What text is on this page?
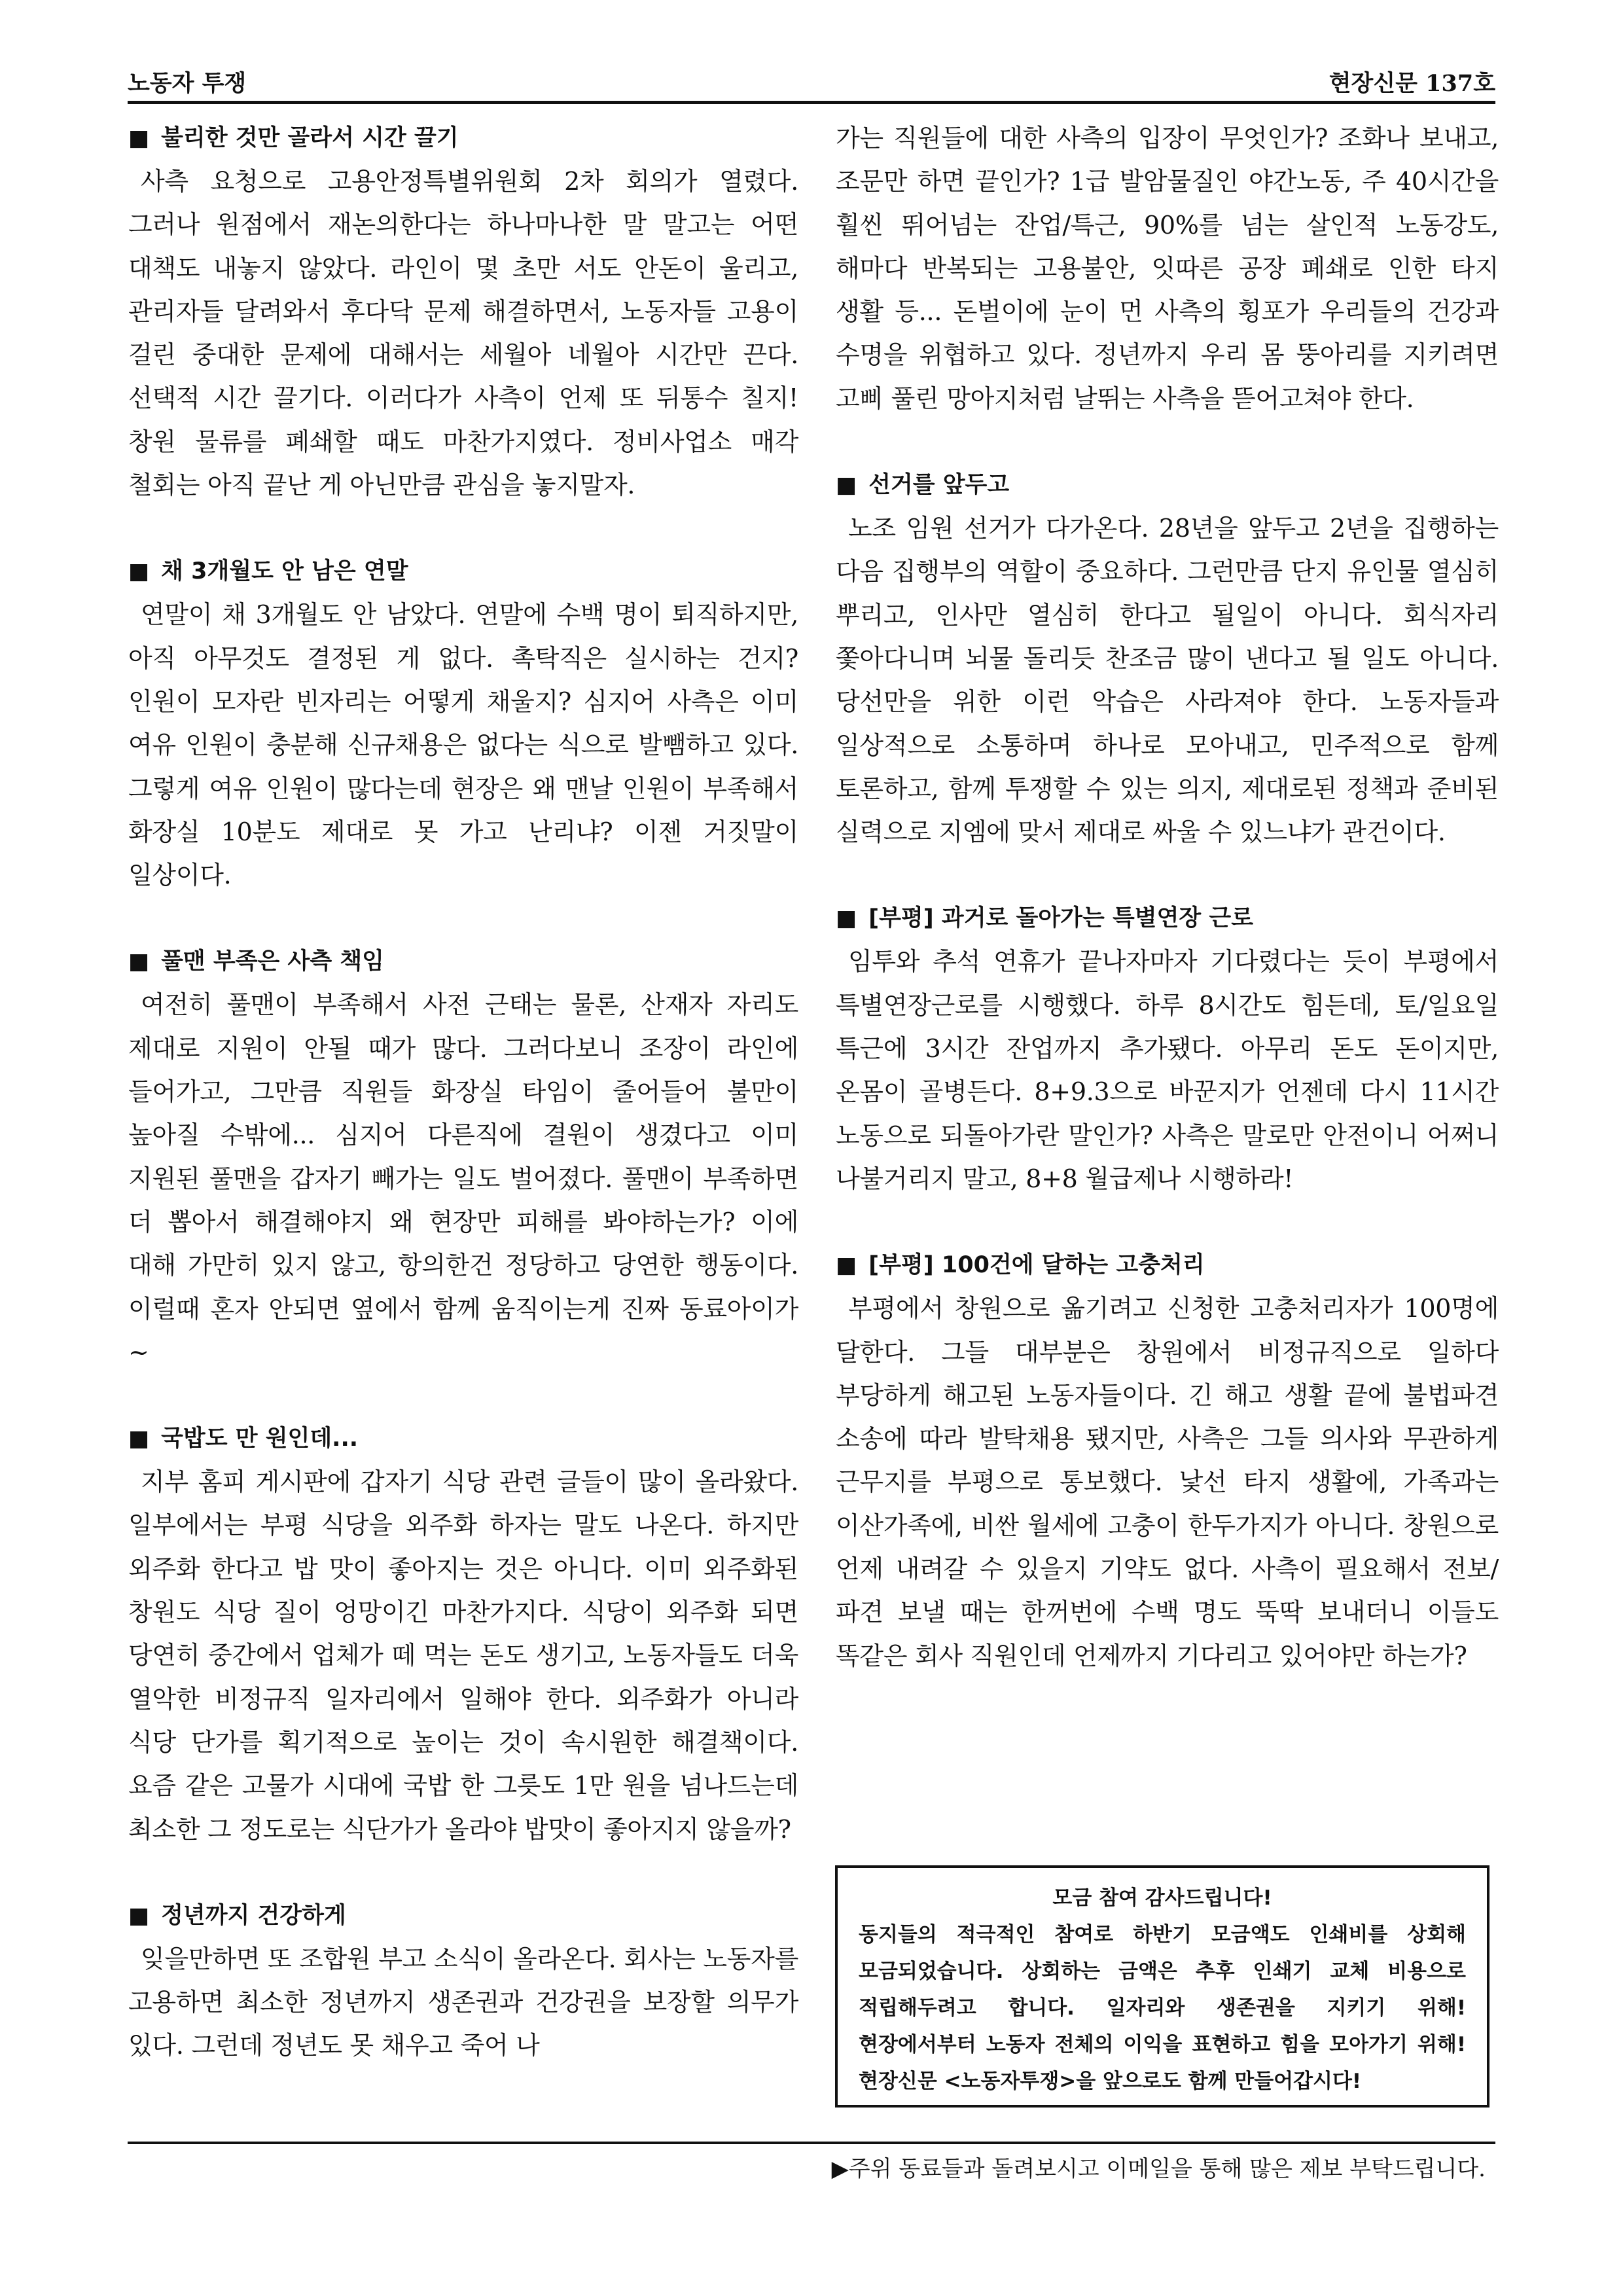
노동자 투쟁	현장신문 137호
■ 불리한 것만 골라서 시간 끌기
사측 요청으로 고용안정특별위원회 2차 회의가 열렸다. 그러나 원점에서 재논의한다는 하나마나한 말 말고는 어떤 대책도 내놓지 않았다. 라인이 몇 초만 서도 안돈이 울리고, 관리자들 달려와서 후다닥 문제 해결하면서, 노동자들 고용이 걸린 중대한 문제에 대해서는 세월아 네월아 시간만 끈다. 선택적 시간 끌기다. 이러다가 사측이 언제 또 뒤통수 칠지! 창원 물류를 폐쇄할 때도 마찬가지였다. 정비사업소 매각 철회는 아직 끝난 게 아닌만큼 관심을 놓지말자.
■ 채 3개월도 안 남은 연말
연말이 채 3개월도 안 남았다. 연말에 수백 명이 퇴직하지만, 아직 아무것도 결정된 게 없다. 촉탁직은 실시하는 건지? 인원이 모자란 빈자리는 어떻게 채울지? 심지어 사측은 이미 여유 인원이 충분해 신규채용은 없다는 식으로 발뺌하고 있다. 그렇게 여유 인원이 많다는데 현장은 왜 맨날 인원이 부족해서 화장실 10분도 제대로 못 가고 난리냐? 이젠 거짓말이 일상이다.
■ 풀맨 부족은 사측 책임
여전히 풀맨이 부족해서 사전 근태는 물론, 산재자 자리도 제대로 지원이 안될 때가 많다. 그러다보니 조장이 라인에 들어가고, 그만큼 직원들 화장실 타임이 줄어들어 불만이 높아질 수밖에... 심지어 다른직에 결원이 생겼다고 이미 지원된 풀맨을 갑자기 빼가는 일도 벌어졌다. 풀맨이 부족하면 더 뽑아서 해결해야지 왜 현장만 피해를 봐야하는가? 이에 대해 가만히 있지 않고, 항의한건 정당하고 당연한 행동이다. 이럴때 혼자 안되면 옆에서 함께 움직이는게 진짜 동료아이가~
■ 국밥도 만 원인데...
지부 홈피 게시판에 갑자기 식당 관련 글들이 많이 올라왔다. 일부에서는 부평 식당을 외주화 하자는 말도 나온다. 하지만 외주화 한다고 밥 맛이 좋아지는 것은 아니다. 이미 외주화된 창원도 식당 질이 엉망이긴 마찬가지다. 식당이 외주화 되면 당연히 중간에서 업체가 떼 먹는 돈도 생기고, 노동자들도 더욱 열악한 비정규직 일자리에서 일해야 한다. 외주화가 아니라 식당 단가를 획기적으로 높이는 것이 속시원한 해결책이다. 요즘 같은 고물가 시대에 국밥 한 그릇도 1만 원을 넘나드는데 최소한 그 정도로는 식단가가 올라야 밥맛이 좋아지지 않을까?
■ 정년까지 건강하게
잊을만하면 또 조합원 부고 소식이 올라온다. 회사는 노동자를 고용하면 최소한 정년까지 생존권과 건강권을 보장할 의무가 있다. 그런데 정년도 못 채우고 죽어 나
가는 직원들에 대한 사측의 입장이 무엇인가? 조화나 보내고, 조문만 하면 끝인가? 1급 발암물질인 야간노동, 주 40시간을 훨씬 뛰어넘는 잔업/특근, 90%를 넘는 살인적 노동강도, 해마다 반복되는 고용불안, 잇따른 공장 폐쇄로 인한 타지 생활 등... 돈벌이에 눈이 먼 사측의 횡포가 우리들의 건강과 수명을 위협하고 있다. 정년까지 우리 몸 뚱아리를 지키려면 고삐 풀린 망아지처럼 날뛰는 사측을 뜯어고쳐야 한다.
■ 선거를 앞두고
노조 임원 선거가 다가온다. 28년을 앞두고 2년을 집행하는 다음 집행부의 역할이 중요하다. 그런만큼 단지 유인물 열심히 뿌리고, 인사만 열심히 한다고 될일이 아니다. 회식자리 쫓아다니며 뇌물 돌리듯 찬조금 많이 낸다고 될 일도 아니다. 당선만을 위한 이런 악습은 사라져야 한다. 노동자들과 일상적으로 소통하며 하나로 모아내고, 민주적으로 함께 토론하고, 함께 투쟁할 수 있는 의지, 제대로된 정책과 준비된 실력으로 지엠에 맞서 제대로 싸울 수 있느냐가 관건이다.
■ [부평] 과거로 돌아가는 특별연장 근로
임투와 추석 연휴가 끝나자마자 기다렸다는 듯이 부평에서 특별연장근로를 시행했다. 하루 8시간도 힘든데, 토/일요일 특근에 3시간 잔업까지 추가됐다. 아무리 돈도 돈이지만, 온몸이 골병든다. 8+9.3으로 바꾼지가 언젠데 다시 11시간 노동으로 되돌아가란 말인가? 사측은 말로만 안전이니 어쩌니 나불거리지 말고, 8+8 월급제나 시행하라!
■ [부평] 100건에 달하는 고충처리
부평에서 창원으로 옮기려고 신청한 고충처리자가 100명에 달한다. 그들 대부분은 창원에서 비정규직으로 일하다 부당하게 해고된 노동자들이다. 긴 해고 생활 끝에 불법파견 소송에 따라 발탁채용 됐지만, 사측은 그들 의사와 무관하게 근무지를 부평으로 통보했다. 낯선 타지 생활에, 가족과는 이산가족에, 비싼 월세에 고충이 한두가지가 아니다. 창원으로 언제 내려갈 수 있을지 기약도 없다. 사측이 필요해서 전보/파견 보낼 때는 한꺼번에 수백 명도 뚝딱 보내더니 이들도 똑같은 회사 직원인데 언제까지 기다리고 있어야만 하는가?
모금 참여 감사드립니다!
동지들의 적극적인 참여로 하반기 모금액도 인쇄비를 상회해 모금되었습니다. 상회하는 금액은 추후 인쇄기 교체 비용으로 적립해두려고 합니다. 일자리와 생존권을 지키기 위해! 현장에서부터 노동자 전체의 이익을 표현하고 힘을 모아가기 위해! 현장신문 <노동자투쟁>을 앞으로도 함께 만들어갑시다!
▶주위 동료들과 돌려보시고 이메일을 통해 많은 제보 부탁드립니다.
